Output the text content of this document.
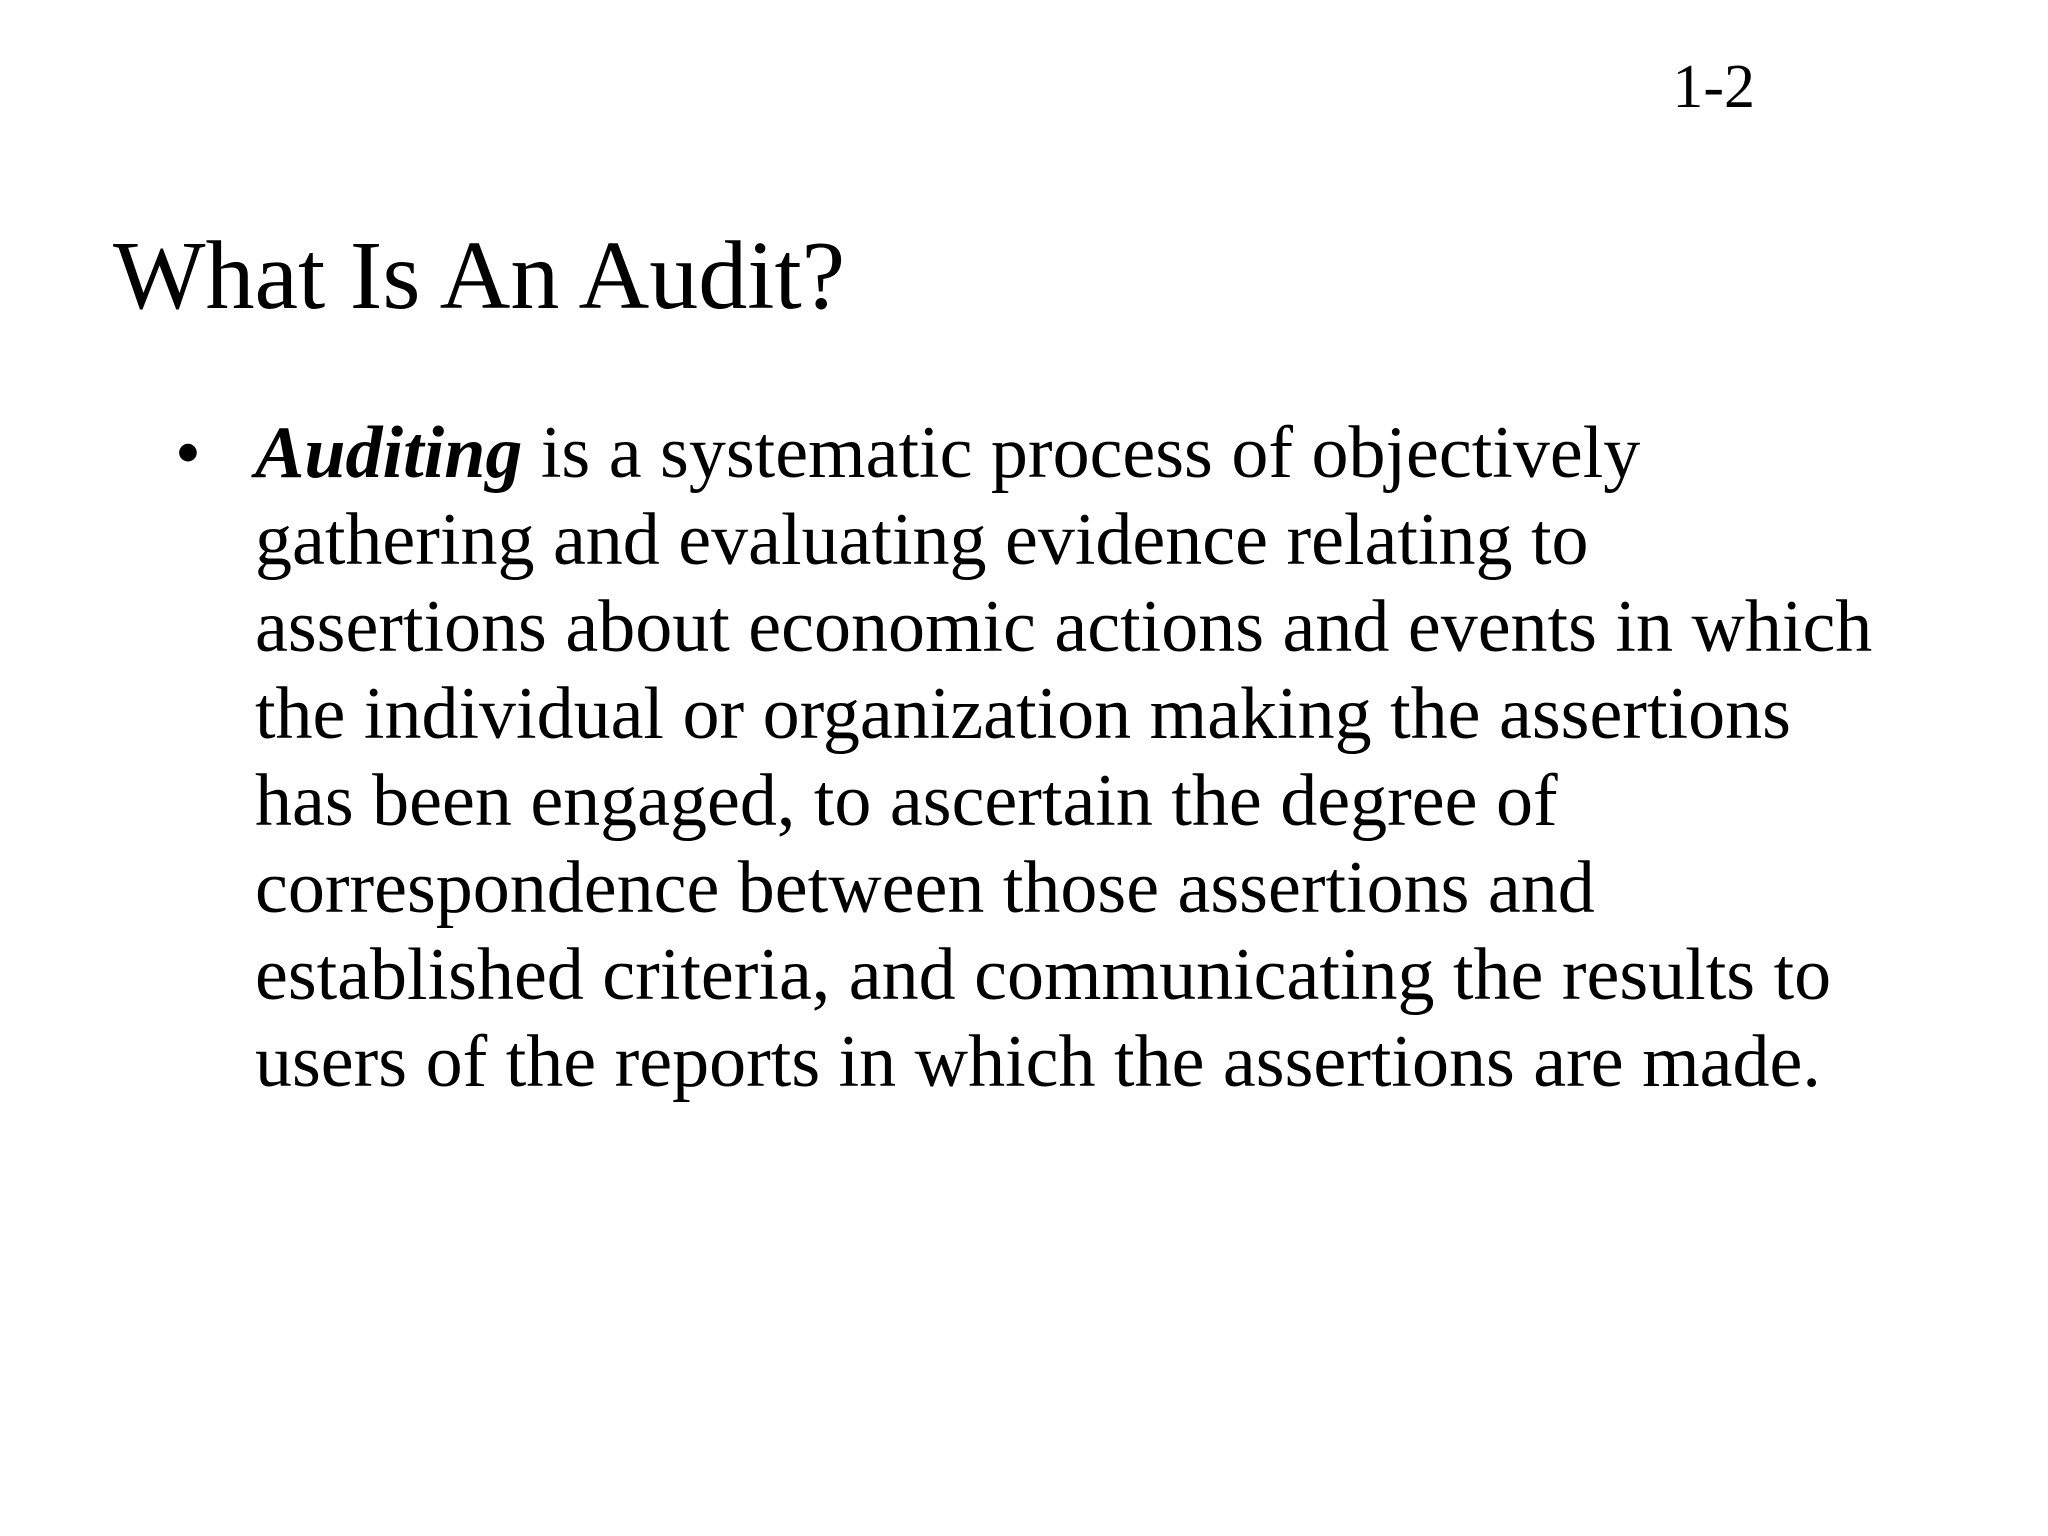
1-2
What Is An Audit?
• Auditing is a systematic process of objectively
gathering and evaluating evidence relating to
assertions about economic actions and events in which
the individual or organization making the assertions
has been engaged, to ascertain the degree of
correspondence between those assertions and
established criteria, and communicating the results to
users of the reports in which the assertions are made.
